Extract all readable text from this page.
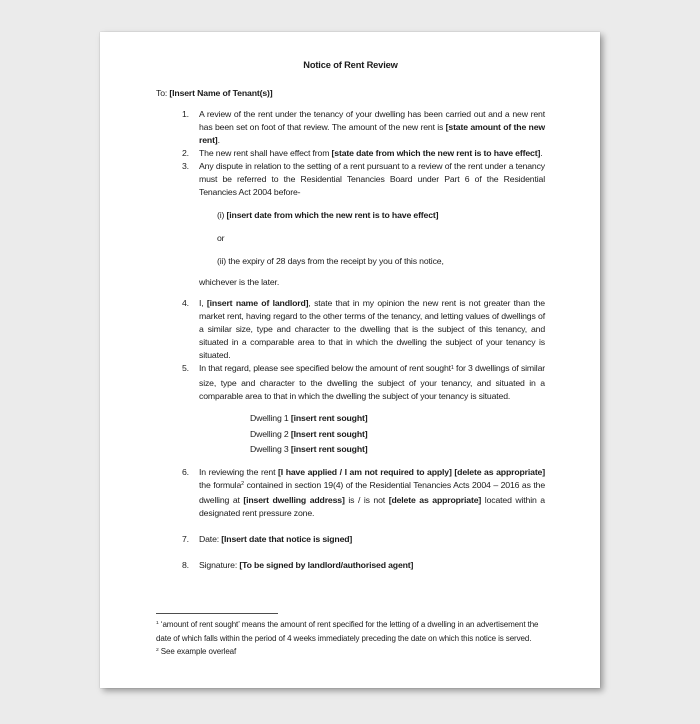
Notice of Rent Review
To: [Insert Name of Tenant(s)]
1. A review of the rent under the tenancy of your dwelling has been carried out and a new rent has been set on foot of that review. The amount of the new rent is [state amount of the new rent].
2. The new rent shall have effect from [state date from which the new rent is to have effect].
3. Any dispute in relation to the setting of a rent pursuant to a review of the rent under a tenancy must be referred to the Residential Tenancies Board under Part 6 of the Residential Tenancies Act 2004 before-
(i) [insert date from which the new rent is to have effect]
or
(ii) the expiry of 28 days from the receipt by you of this notice,
whichever is the later.
4. I, [insert name of landlord], state that in my opinion the new rent is not greater than the market rent, having regard to the other terms of the tenancy, and letting values of dwellings of a similar size, type and character to the dwelling that is the subject of this tenancy, and situated in a comparable area to that in which the dwelling the subject of your tenancy is situated.
5. In that regard, please see specified below the amount of rent sought$^1$ for 3 dwellings of similar size, type and character to the dwelling the subject of your tenancy, and situated in a comparable area to that in which the dwelling the subject of your tenancy is situated.
Dwelling 1 [insert rent sought]
Dwelling 2 [Insert rent sought]
Dwelling 3 [insert rent sought]
6. In reviewing the rent [I have applied / I am not required to apply] [delete as appropriate] the formula$^2$ contained in section 19(4) of the Residential Tenancies Acts 2004 – 2016 as the dwelling at [insert dwelling address] is / is not [delete as appropriate] located within a designated rent pressure zone.
7. Date: [Insert date that notice is signed]
8. Signature: [To be signed by landlord/authorised agent]
$^1$ ‘amount of rent sought’ means the amount of rent specified for the letting of a dwelling in an advertisement the date of which falls within the period of 4 weeks immediately preceding the date on which this notice is served.
$^2$ See example overleaf
